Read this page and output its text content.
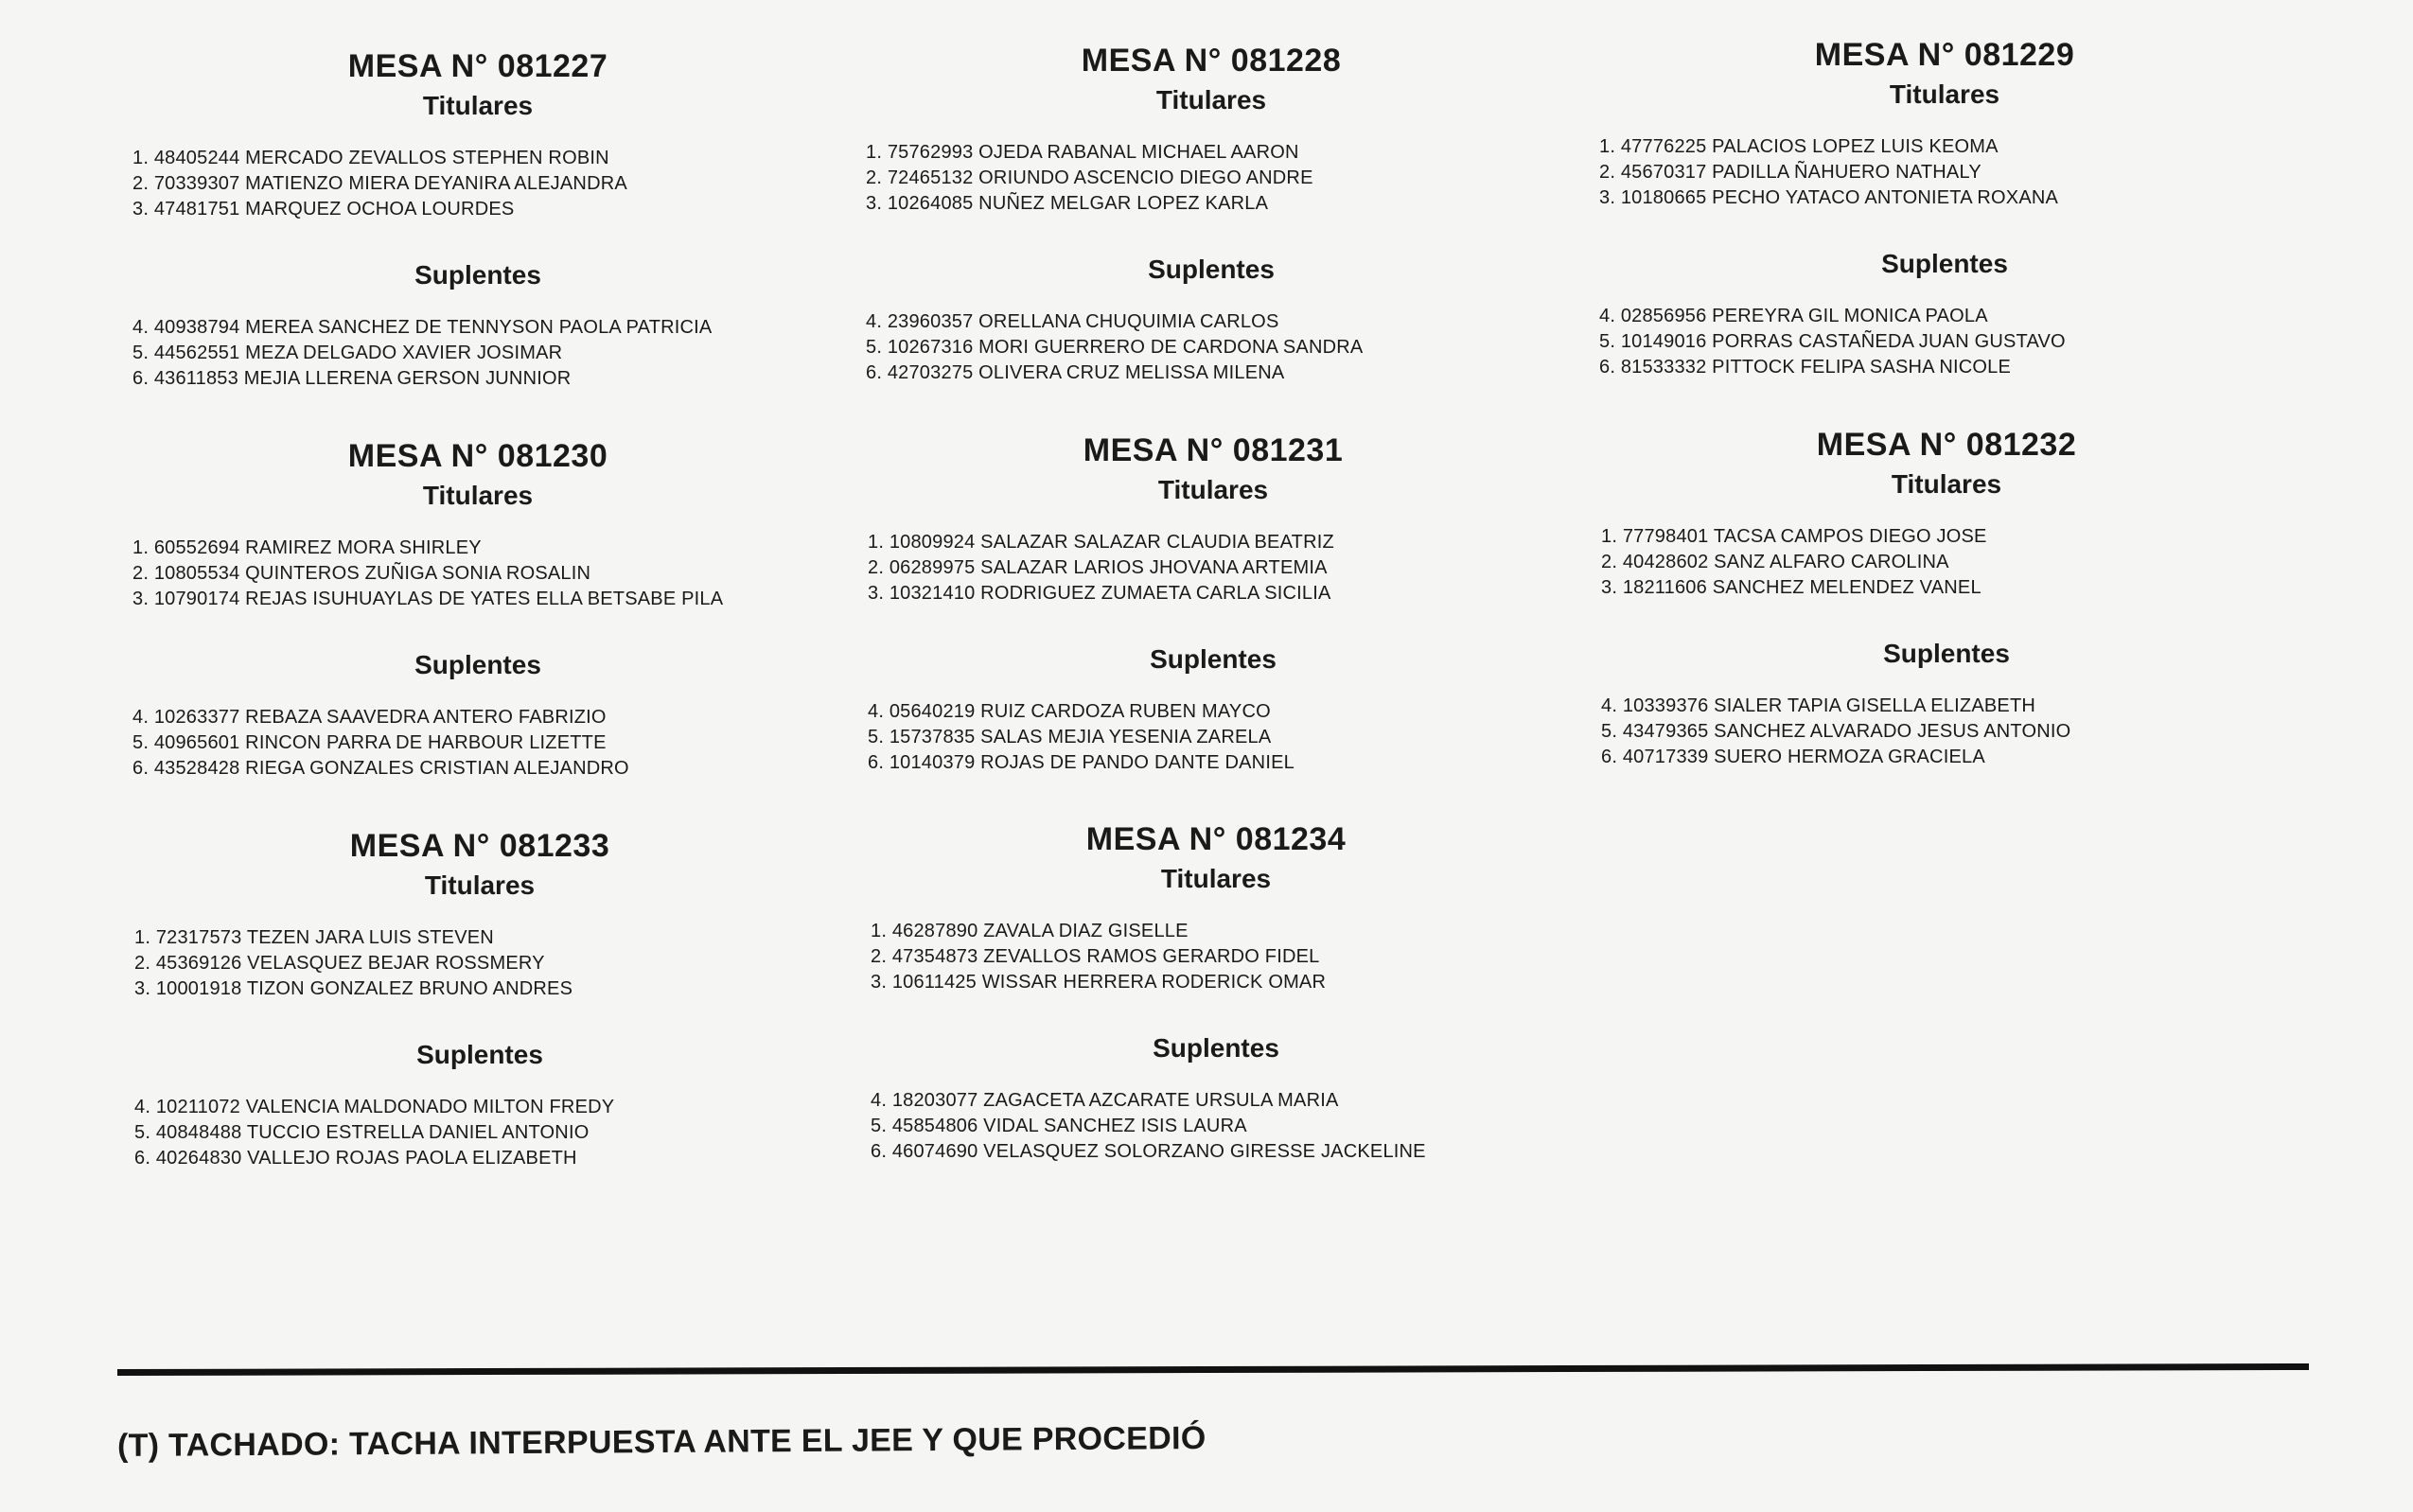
MESA N° 081227
Titulares
1. 48405244 MERCADO ZEVALLOS STEPHEN ROBIN
2. 70339307 MATIENZO MIERA DEYANIRA ALEJANDRA
3. 47481751 MARQUEZ OCHOA LOURDES
Suplentes
4. 40938794 MEREA SANCHEZ DE TENNYSON PAOLA PATRICIA
5. 44562551 MEZA DELGADO XAVIER JOSIMAR
6. 43611853 MEJIA LLERENA GERSON JUNNIOR
MESA N° 081228
Titulares
1. 75762993 OJEDA RABANAL MICHAEL AARON
2. 72465132 ORIUNDO ASCENCIO DIEGO ANDRE
3. 10264085 NUÑEZ MELGAR LOPEZ KARLA
Suplentes
4. 23960357 ORELLANA CHUQUIMIA CARLOS
5. 10267316 MORI GUERRERO DE CARDONA SANDRA
6. 42703275 OLIVERA CRUZ MELISSA MILENA
MESA N° 081229
Titulares
1. 47776225 PALACIOS LOPEZ LUIS KEOMA
2. 45670317 PADILLA ÑAHUERO NATHALY
3. 10180665 PECHO YATACO ANTONIETA ROXANA
Suplentes
4. 02856956 PEREYRA GIL MONICA PAOLA
5. 10149016 PORRAS CASTAÑEDA JUAN GUSTAVO
6. 81533332 PITTOCK FELIPA SASHA NICOLE
MESA N° 081230
Titulares
1. 60552694 RAMIREZ MORA SHIRLEY
2. 10805534 QUINTEROS ZUÑIGA SONIA ROSALIN
3. 10790174 REJAS ISUHUAYLAS DE YATES ELLA BETSABE PILA
Suplentes
4. 10263377 REBAZA SAAVEDRA ANTERO FABRIZIO
5. 40965601 RINCON PARRA DE HARBOUR LIZETTE
6. 43528428 RIEGA GONZALES CRISTIAN ALEJANDRO
MESA N° 081231
Titulares
1. 10809924 SALAZAR SALAZAR CLAUDIA BEATRIZ
2. 06289975 SALAZAR LARIOS JHOVANA ARTEMIA
3. 10321410 RODRIGUEZ ZUMAETA CARLA SICILIA
Suplentes
4. 05640219 RUIZ CARDOZA RUBEN MAYCO
5. 15737835 SALAS MEJIA YESENIA ZARELA
6. 10140379 ROJAS DE PANDO DANTE DANIEL
MESA N° 081232
Titulares
1. 77798401 TACSA CAMPOS DIEGO JOSE
2. 40428602 SANZ ALFARO CAROLINA
3. 18211606 SANCHEZ MELENDEZ VANEL
Suplentes
4. 10339376 SIALER TAPIA GISELLA ELIZABETH
5. 43479365 SANCHEZ ALVARADO JESUS ANTONIO
6. 40717339 SUERO HERMOZA GRACIELA
MESA N° 081233
Titulares
1. 72317573 TEZEN JARA LUIS STEVEN
2. 45369126 VELASQUEZ BEJAR ROSSMERY
3. 10001918 TIZON GONZALEZ BRUNO ANDRES
Suplentes
4. 10211072 VALENCIA MALDONADO MILTON FREDY
5. 40848488 TUCCIO ESTRELLA DANIEL ANTONIO
6. 40264830 VALLEJO ROJAS PAOLA ELIZABETH
MESA N° 081234
Titulares
1. 46287890 ZAVALA DIAZ GISELLE
2. 47354873 ZEVALLOS RAMOS GERARDO FIDEL
3. 10611425 WISSAR HERRERA RODERICK OMAR
Suplentes
4. 18203077 ZAGACETA AZCARATE URSULA MARIA
5. 45854806 VIDAL SANCHEZ ISIS LAURA
6. 46074690 VELASQUEZ SOLORZANO GIRESSE JACKELINE
(T) TACHADO: TACHA INTERPUESTA ANTE EL JEE Y QUE PROCEDIÓ
